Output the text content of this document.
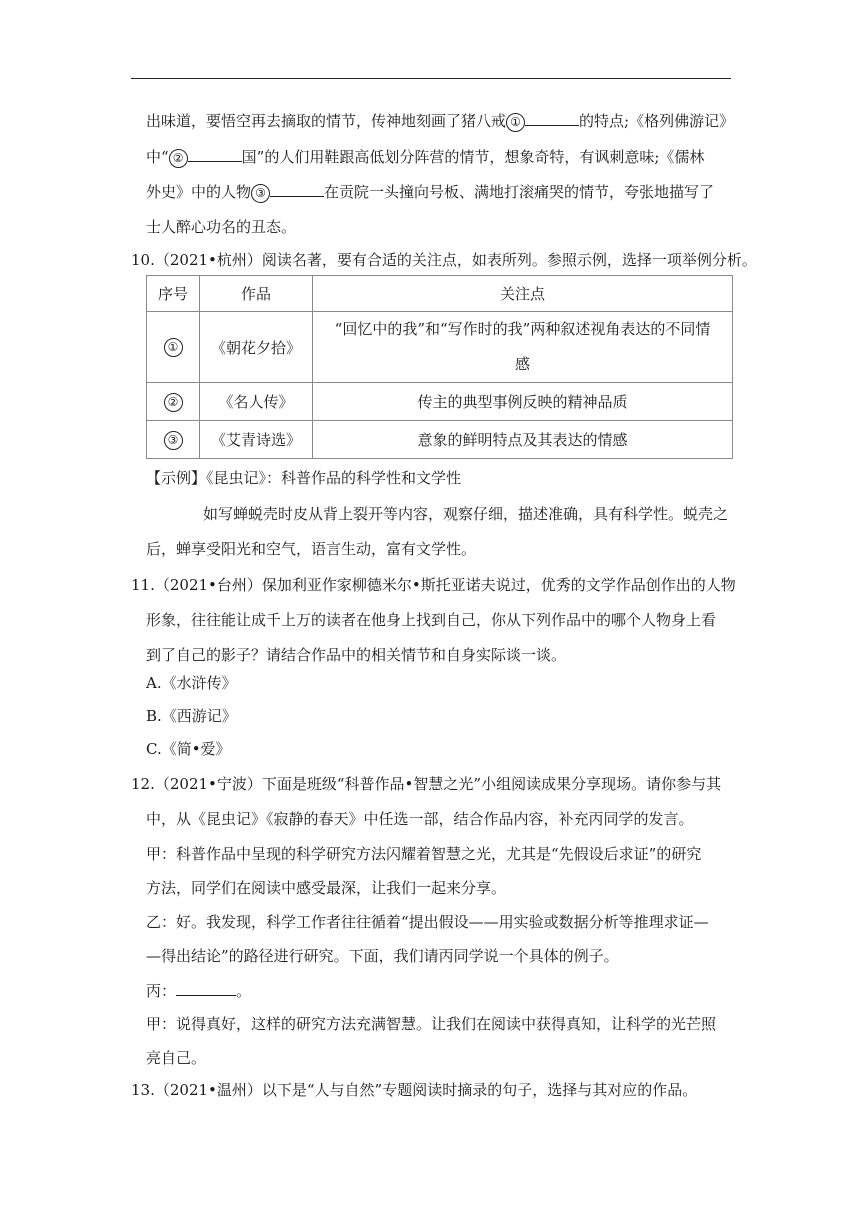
出味道，要悟空再去摘取的情节，传神地刻画了猪八戒 ①	的特点;《格列佛游记》
中“ ②	国”的人们用鞋跟高低划分阵营的情节，想象奇特，有讽刺意味;《儒林
外史》中的人物 ③	在贡院一头撞向号板、满地打滚痛哭的情节，夸张地描写了
士人醉心功名的丑态。
10.（2021•杭州）阅读名著，要有合适的关注点，如表所列。参照示例，选择一项举例分析。
序号	作品	关注点
①	《朝花夕拾》	“回忆中的我”和“写作时的我”两种叙述视角表达的不同情
感

②	《名人传》	传主的典型事例反映的精神品质
③	《艾青诗选》	意象的鲜明特点及其表达的情感
【示例】《昆虫记》：科普作品的科学性和文学性
如写蝉蜕壳时皮从背上裂开等内容，观察仔细，描述准确，具有科学性。蜕壳之
后，蝉享受阳光和空气，语言生动，富有文学性。
11.（2021•台州）保加利亚作家柳德米尔•斯托亚诺夫说过，优秀的文学作品创作出的人物
形象，往往能让成千上万的读者在他身上找到自己，你从下列作品中的哪个人物身上看
到了自己的影子？请结合作品中的相关情节和自身实际谈一谈。
A.《水浒传》
B.《西游记》
C.《简•爱》
12.（2021•宁波）下面是班级“科普作品•智慧之光”小组阅读成果分享现场。请你参与其
中，从《昆虫记》《寂静的春天》中任选一部，结合作品内容，补充丙同学的发言。
甲：科普作品中呈现的科学研究方法闪耀着智慧之光，尤其是“先假设后求证”的研究
方法，同学们在阅读中感受最深，让我们一起来分享。
乙：好。我发现，科学工作者往往循着“提出假设——用实验或数据分析等推理求证—
—得出结论”的路径进行研究。下面，我们请丙同学说一个具体的例子。
丙：	。
甲：说得真好，这样的研究方法充满智慧。让我们在阅读中获得真知，让科学的光芒照
亮自己。
13.（2021•温州）以下是“人与自然”专题阅读时摘录的句子，选择与其对应的作品。
